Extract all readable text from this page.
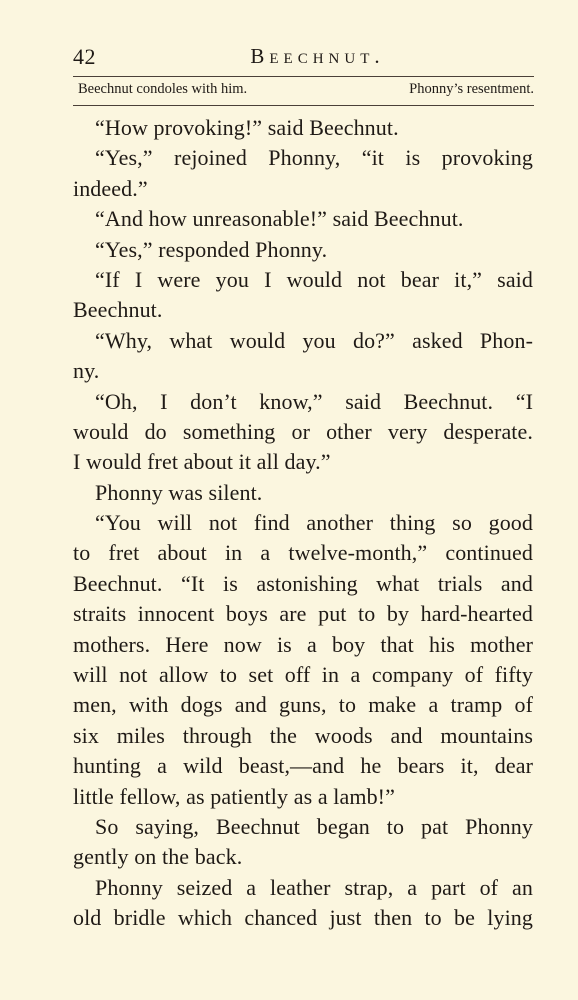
42	Beechnut.
Beechnut condoles with him.	Phonny’s resentment.
“How provoking!” said Beechnut.
“Yes,” rejoined Phonny, “it is provoking
indeed.”
“And how unreasonable!” said Beechnut.
“Yes,” responded Phonny.
“If I were you I would not bear it,” said
Beechnut.
“Why, what would you do?” asked Phon-
ny.
“Oh, I don’t know,” said Beechnut. “I
would do something or other very desperate.
I would fret about it all day.”
Phonny was silent.
“You will not find another thing so good
to fret about in a twelve-month,” continued
Beechnut. “It is astonishing what trials and
straits innocent boys are put to by hard-hearted
mothers. Here now is a boy that his mother
will not allow to set off in a company of fifty
men, with dogs and guns, to make a tramp of
six miles through the woods and mountains
hunting a wild beast,—and he bears it, dear
little fellow, as patiently as a lamb!”
So saying, Beechnut began to pat Phonny
gently on the back.
Phonny seized a leather strap, a part of an
old bridle which chanced just then to be lying
